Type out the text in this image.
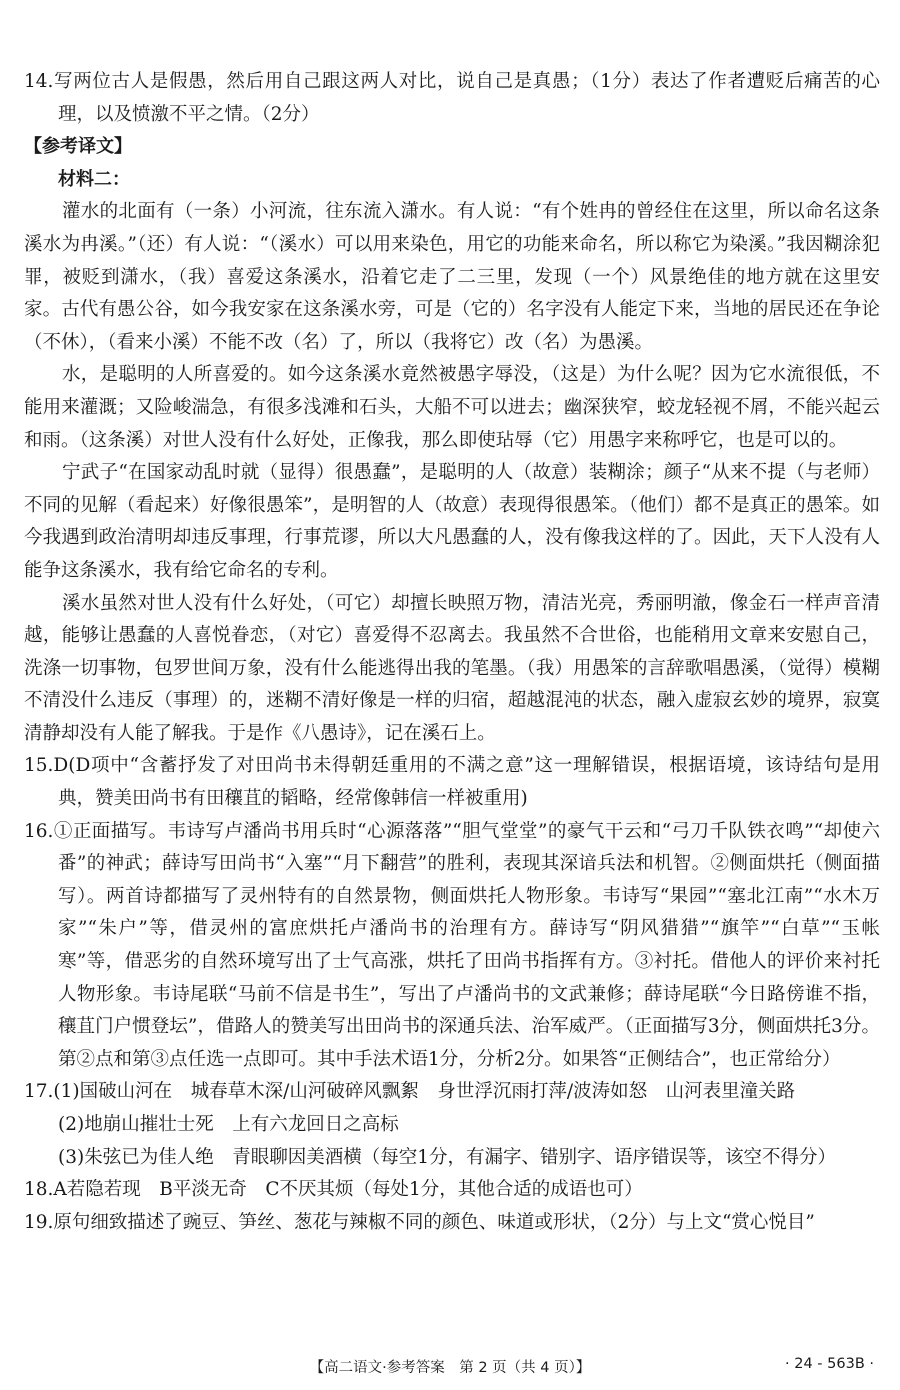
14.写两位古人是假愚，然后用自己跟这两人对比，说自己是真愚；（1分）表达了作者遭贬后痛苦的心理，以及愤激不平之情。（2分）
【参考译文】
材料二：
灌水的北面有（一条）小河流，往东流入潇水。有人说：“有个姓冉的曾经住在这里，所以命名这条溪水为冉溪。”（还）有人说：“（溪水）可以用来染色，用它的功能来命名，所以称它为染溪。”我因糊涂犯罪，被贬到潇水，（我）喜爱这条溪水，沿着它走了二三里，发现（一个）风景绝佳的地方就在这里安家。古代有愚公谷，如今我安家在这条溪水旁，可是（它的）名字没有人能定下来，当地的居民还在争论（不休），（看来小溪）不能不改（名）了，所以（我将它）改（名）为愚溪。
水，是聪明的人所喜爱的。如今这条溪水竟然被愚字辱没，（这是）为什么呢？因为它水流很低，不能用来灌溉；又险峻湍急，有很多浅滩和石头，大船不可以进去；幽深狭窄，蛟龙轻视不屑，不能兴起云和雨。（这条溪）对世人没有什么好处，正像我，那么即使玷辱（它）用愚字来称呼它，也是可以的。
宁武子“在国家动乱时就（显得）很愚蠢”，是聪明的人（故意）装糊涂；颜子“从来不提（与老师）不同的见解（看起来）好像很愚笨”，是明智的人（故意）表现得很愚笨。（他们）都不是真正的愚笨。如今我遇到政治清明却违反事理，行事荒谬，所以大凡愚蠢的人，没有像我这样的了。因此，天下人没有人能争这条溪水，我有给它命名的专利。
溪水虽然对世人没有什么好处，（可它）却擅长映照万物，清洁光亮，秀丽明澈，像金石一样声音清越，能够让愚蠢的人喜悦眷恋，（对它）喜爱得不忍离去。我虽然不合世俗，也能稍用文章来安慰自己，洗涤一切事物，包罗世间万象，没有什么能逃得出我的笔墨。（我）用愚笨的言辞歌唱愚溪，（觉得）模糊不清没什么违反（事理）的，迷糊不清好像是一样的归宿，超越混沌的状态，融入虚寂玄妙的境界，寂寞清静却没有人能了解我。于是作《八愚诗》，记在溪石上。
15.D(D项中“含蓄抒发了对田尚书未得朝廷重用的不满之意”这一理解错误，根据语境，该诗结句是用典，赞美田尚书有田穰苴的韬略，经常像韩信一样被重用)
16.①正面描写。韦诗写卢潘尚书用兵时“心源落落”“胆气堂堂”的豪气干云和“弓刀千队铁衣鸣”“却使六番”的神武；薛诗写田尚书“入塞”“月下翻营”的胜利，表现其深谙兵法和机智。②侧面烘托（侧面描写）。两首诗都描写了灵州特有的自然景物，侧面烘托人物形象。韦诗写“果园”“塞北江南”“水木万家”“朱户”等，借灵州的富庶烘托卢潘尚书的治理有方。薛诗写“阴风猎猎”“旗竿”“白草”“玉帐寒”等，借恶劣的自然环境写出了士气高涨，烘托了田尚书指挥有方。③衬托。借他人的评价来衬托人物形象。韦诗尾联“马前不信是书生”，写出了卢潘尚书的文武兼修；薛诗尾联“今日路傍谁不指，穰苴门户惯登坛”，借路人的赞美写出田尚书的深通兵法、治军威严。（正面描写3分，侧面烘托3分。第②点和第③点任选一点即可。其中手法术语1分，分析2分。如果答“正侧结合”，也正常给分）
17.(1)国破山河在　城春草木深/山河破碎风飘絮　身世浮沉雨打萍/波涛如怒　山河表里潼关路
(2)地崩山摧壮士死　上有六龙回日之高标
(3)朱弦已为佳人绝　青眼聊因美酒横（每空1分，有漏字、错别字、语序错误等，该空不得分）
18.A若隐若现　B平淡无奇　C不厌其烦（每处1分，其他合适的成语也可）
19.原句细致描述了豌豆、笋丝、葱花与辣椒不同的颜色、味道或形状，（2分）与上文“赏心悦目”
【高二语文·参考答案　第 2 页（共 4 页）】	· 24 - 563B ·
